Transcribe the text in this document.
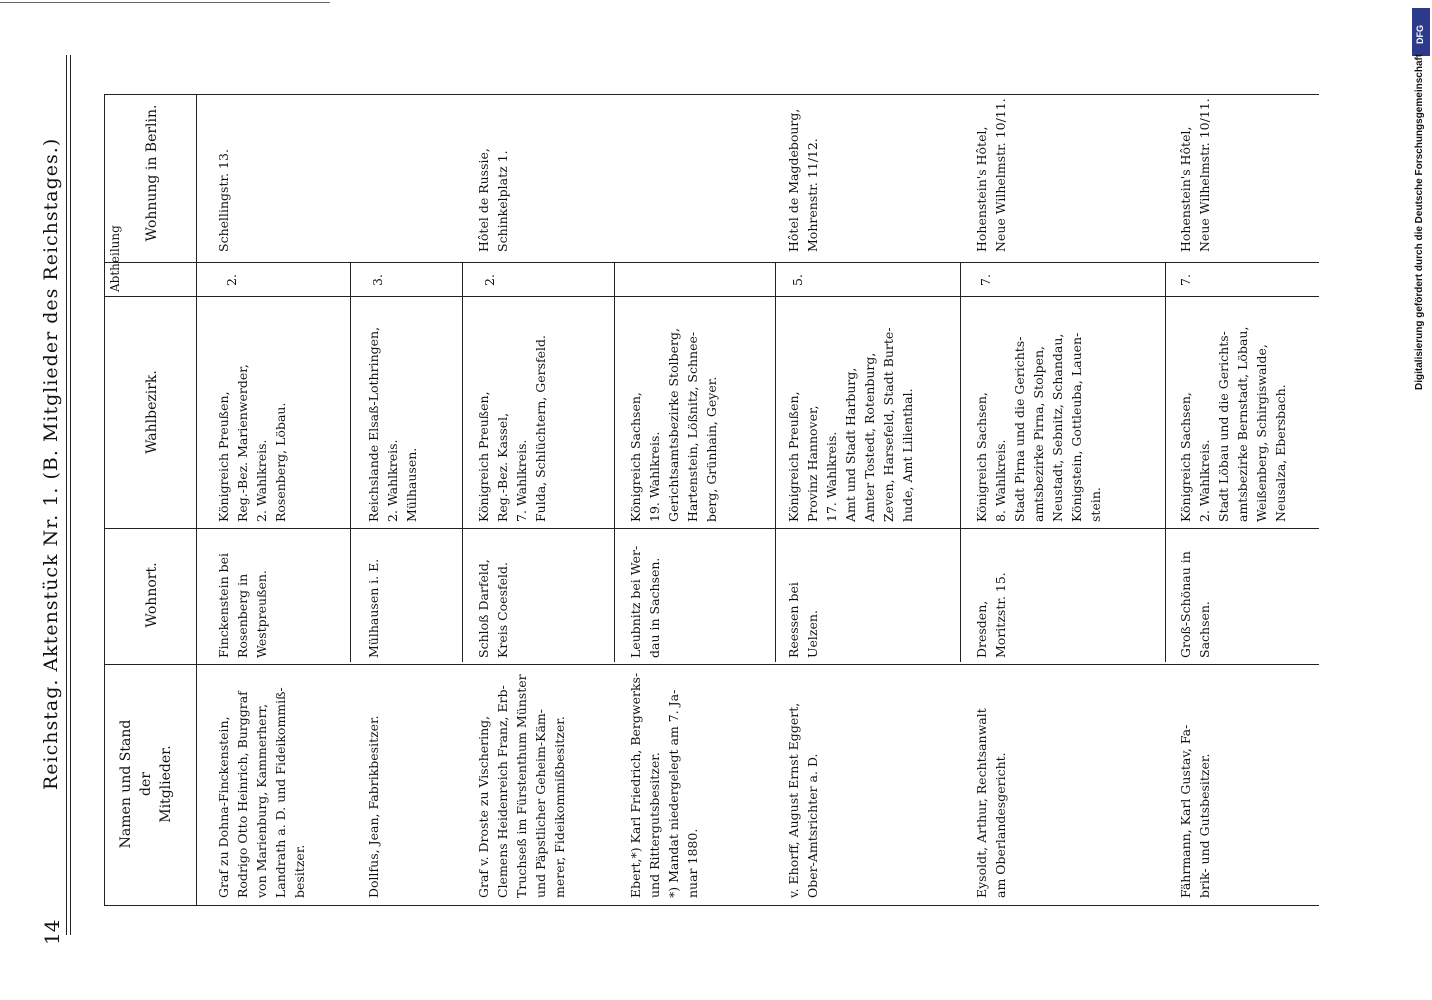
14
Reichstag. Aktenstück Nr. 1. (B. Mitglieder des Reichstages.)
Namen und Stand
der
Mitglieder.
Wohnort.
Wahlbezirk.
Abtheilung
Wohnung in Berlin.
Graf zu Dohna-Finckenstein,
Rodrigo Otto Heinrich, Burggraf
von Marienburg, Kammerherr,
Landrath a. D. und Fideikommiß-
besitzer.
Finckenstein bei
Rosenberg in
Westpreußen.
Königreich Preußen,
Reg.-Bez. Marienwerder,
2. Wahlkreis.
Rosenberg, Löbau.
2.
Schellingstr. 13.
Dollfus, Jean, Fabrikbesitzer.
Mülhausen i. E.
Reichslande Elsaß-Lothringen,
2. Wahlkreis.
Mülhausen.
3.
Graf v. Droste zu Vischering,
Clemens Heidenreich Franz, Erb-
Truchseß im Fürstenthum Münster
und Päpstlicher Geheim-Käm-
merer, Fideikommißbesitzer.
Schloß Darfeld,
Kreis Coesfeld.
Königreich Preußen,
Reg.-Bez. Kassel,
7. Wahlkreis.
Fulda, Schlüchtern, Gersfeld.
2.
Hôtel de Russie,
Schinkelplatz 1.
Ebert,*) Karl Friedrich, Bergwerks-
und Rittergutsbesitzer.
*) Mandat niedergelegt am 7. Ja-
nuar 1880.
Leubnitz bei Wer-
dau in Sachsen.
Königreich Sachsen,
19. Wahlkreis.
Gerichtsamtsbezirke Stolberg,
Hartenstein, Lößnitz, Schnee-
berg, Grünhain, Geyer.
v. Ehorff, August Ernst Eggert,
Ober-Amtsrichter a. D.
Reessen bei
Uelzen.
Königreich Preußen,
Provinz Hannover,
17. Wahlkreis.
Amt und Stadt Harburg,
Amter Tostedt, Rotenburg,
Zeven, Harsefeld, Stadt Burte-
hude, Amt Lilienthal.
5.
Hôtel de Magdebourg,
Mohrenstr. 11/12.
Eysoldt, Arthur, Rechtsanwalt
am Oberlandesgericht.
Dresden,
Moritzstr. 15.
Königreich Sachsen,
8. Wahlkreis.
Stadt Pirna und die Gerichts-
amtsbezirke Pirna, Stolpen,
Neustadt, Sebnitz, Schandau,
Königstein, Gottleuba, Lauen-
stein.
7.
Hohenstein's Hôtel,
Neue Wilhelmstr. 10/11.
Fährmann, Karl Gustav, Fa-
brik- und Gutsbesitzer.
Groß-Schönau in
Sachsen.
Königreich Sachsen,
2. Wahlkreis.
Stadt Löbau und die Gerichts-
amtsbezirke Bernstadt, Löbau,
Weißenberg, Schirgiswalde,
Neusalza, Ebersbach.
7.
Hohenstein's Hôtel,
Neue Wilhelmstr. 10/11.
DFG
Digitalisierung gefördert durch die Deutsche Forschungsgemeinschaft
